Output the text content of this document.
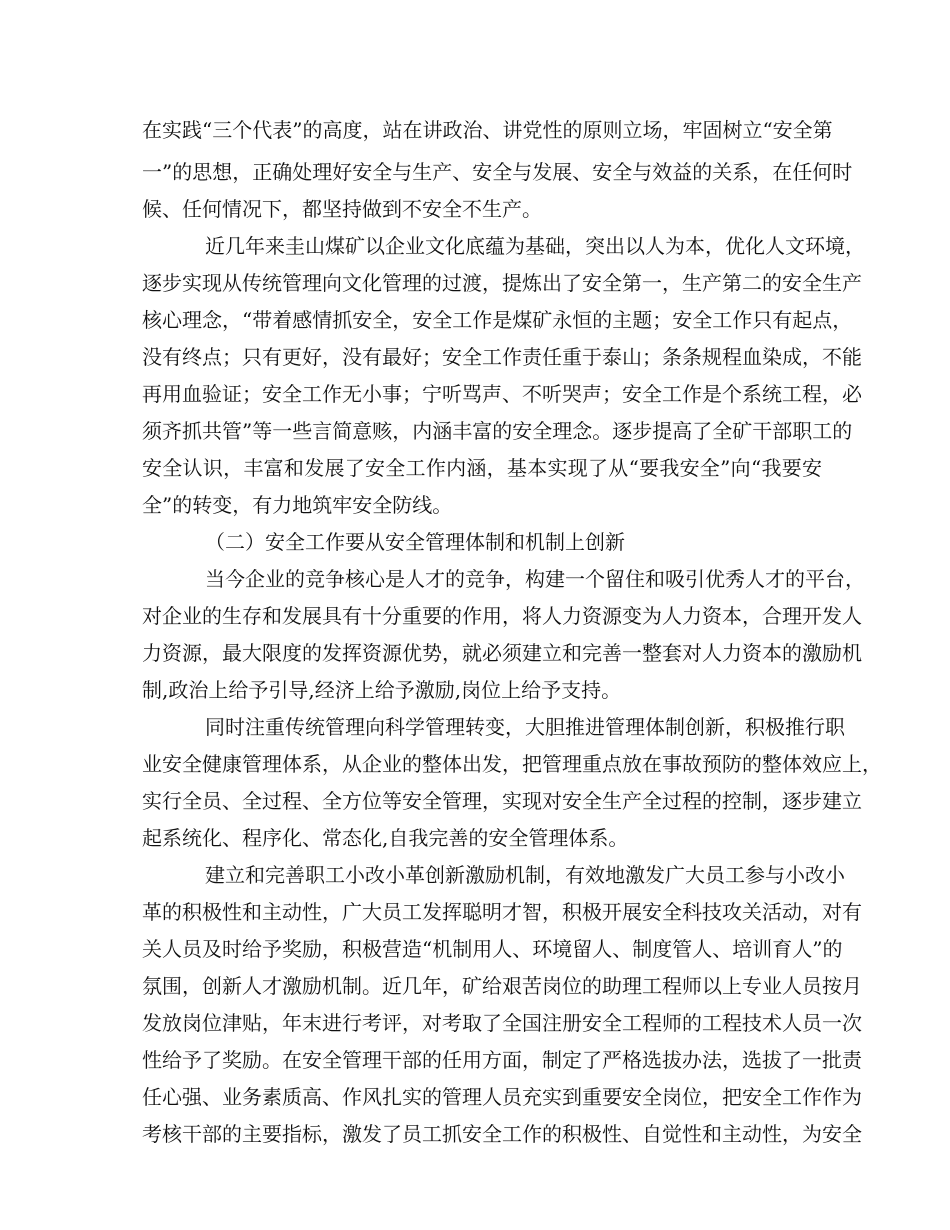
在实践“三个代表”的高度，站在讲政治、讲党性的原则立场，牢固树立“安全第
一”的思想，正确处理好安全与生产、安全与发展、安全与效益的关系，在任何时
候、任何情况下，都坚持做到不安全不生产。
近几年来圭山煤矿以企业文化底蕴为基础，突出以人为本，优化人文环境，
逐步实现从传统管理向文化管理的过渡，提炼出了安全第一，生产第二的安全生产
核心理念，“带着感情抓安全，安全工作是煤矿永恒的主题；安全工作只有起点，
没有终点；只有更好，没有最好；安全工作责任重于泰山；条条规程血染成，不能
再用血验证；安全工作无小事；宁听骂声、不听哭声；安全工作是个系统工程，必
须齐抓共管”等一些言简意赅，内涵丰富的安全理念。逐步提高了全矿干部职工的
安全认识，丰富和发展了安全工作内涵，基本实现了从“要我安全”向“我要安
全”的转变，有力地筑牢安全防线。
（二）安全工作要从安全管理体制和机制上创新
当今企业的竞争核心是人才的竞争，构建一个留住和吸引优秀人才的平台，
对企业的生存和发展具有十分重要的作用，将人力资源变为人力资本，合理开发人
力资源，最大限度的发挥资源优势，就必须建立和完善一整套对人力资本的激励机
制,政治上给予引导,经济上给予激励,岗位上给予支持。
同时注重传统管理向科学管理转变，大胆推进管理体制创新，积极推行职
业安全健康管理体系，从企业的整体出发，把管理重点放在事故预防的整体效应上，
实行全员、全过程、全方位等安全管理，实现对安全生产全过程的控制，逐步建立
起系统化、程序化、常态化,自我完善的安全管理体系。
建立和完善职工小改小革创新激励机制，有效地激发广大员工参与小改小
革的积极性和主动性，广大员工发挥聪明才智，积极开展安全科技攻关活动，对有
关人员及时给予奖励，积极营造“机制用人、环境留人、制度管人、培训育人”的
氛围，创新人才激励机制。近几年，矿给艰苦岗位的助理工程师以上专业人员按月
发放岗位津贴，年末进行考评，对考取了全国注册安全工程师的工程技术人员一次
性给予了奖励。在安全管理干部的任用方面，制定了严格选拔办法，选拔了一批责
任心强、业务素质高、作风扎实的管理人员充实到重要安全岗位，把安全工作作为
考核干部的主要指标，激发了员工抓安全工作的积极性、自觉性和主动性，为安全
